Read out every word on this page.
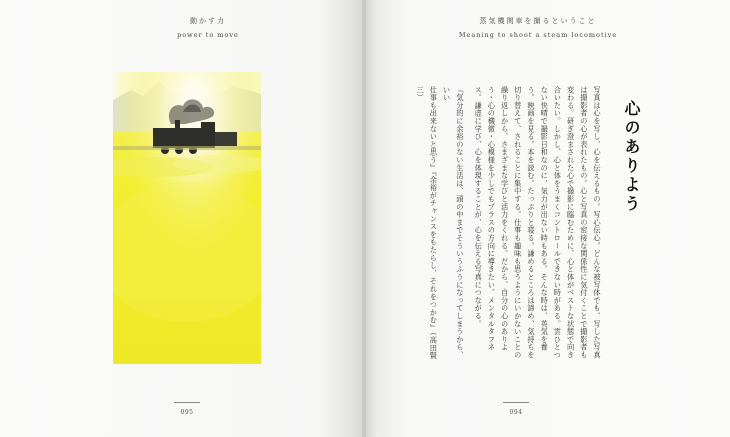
動かす力
power to move
095
蒸気機関車を撮るということ
Meaning to shoot a steam locomotive
心のありよう

写真は心を写し、心を伝えるもの。写心伝心。どんな被写体でも、写した写真は撮影者の心が表れたもの。心と写真の密接な関係性に気付くことで撮影者も変わる。研ぎ澄まされた心で撮影に臨むために、心と体がベストな状態で向き合いたい。しかし、心と体をうまくコントロールできない時がある。雲ひとつない快晴で撮影日和なのに、気力が出ない時もある。そんな時は、英気を養う。映画を見る。本を読む。たっぷりと寝る。謙めるところは諦め、気持ちを切り替えて、されることに集中する。仕事も趣味も思うようにいかないことの繰り返しから、さまざまな学びと活力をくれる。だから、自分の心のありよう・心の機微・心模様を少しでもプラスの方向に導きたい。メンタルタフネス。謙虚に学び、心を体現することが、心を伝える写真につながる。

『気分的に余裕のない生活は、頭の中までそういうふうになってしまうから、いい
仕事も出来ないと思う』『余裕がチャンスをもたらし、それをつかむ』（高田賢三）
094
